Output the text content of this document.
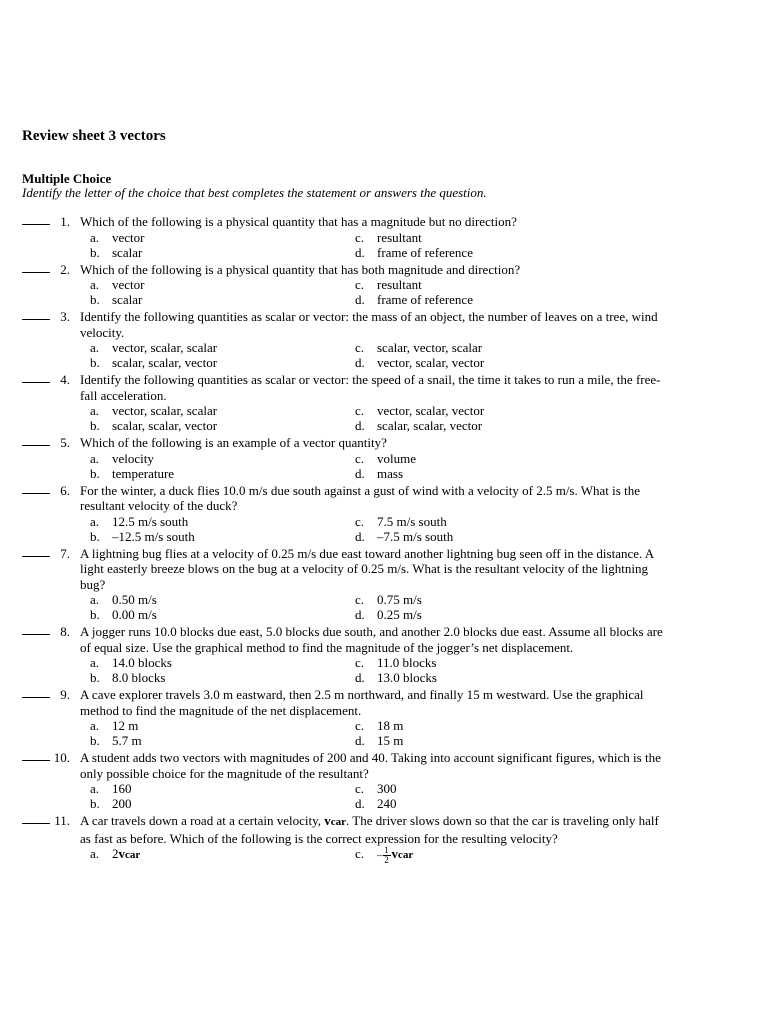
Review sheet 3 vectors
Multiple Choice
Identify the letter of the choice that best completes the statement or answers the question.
1. Which of the following is a physical quantity that has a magnitude but no direction?
a. vector	c. resultant
b. scalar	d. frame of reference
2. Which of the following is a physical quantity that has both magnitude and direction?
a. vector	c. resultant
b. scalar	d. frame of reference
3. Identify the following quantities as scalar or vector: the mass of an object, the number of leaves on a tree, wind velocity.
a. vector, scalar, scalar	c. scalar, vector, scalar
b. scalar, scalar, vector	d. vector, scalar, vector
4. Identify the following quantities as scalar or vector: the speed of a snail, the time it takes to run a mile, the free-fall acceleration.
a. vector, scalar, scalar	c. vector, scalar, vector
b. scalar, scalar, vector	d. scalar, scalar, vector
5. Which of the following is an example of a vector quantity?
a. velocity	c. volume
b. temperature	d. mass
6. For the winter, a duck flies 10.0 m/s due south against a gust of wind with a velocity of 2.5 m/s. What is the resultant velocity of the duck?
a. 12.5 m/s south	c. 7.5 m/s south
b. –12.5 m/s south	d. –7.5 m/s south
7. A lightning bug flies at a velocity of 0.25 m/s due east toward another lightning bug seen off in the distance. A light easterly breeze blows on the bug at a velocity of 0.25 m/s. What is the resultant velocity of the lightning bug?
a. 0.50 m/s	c. 0.75 m/s
b. 0.00 m/s	d. 0.25 m/s
8. A jogger runs 10.0 blocks due east, 5.0 blocks due south, and another 2.0 blocks due east. Assume all blocks are of equal size. Use the graphical method to find the magnitude of the jogger’s net displacement.
a. 14.0 blocks	c. 11.0 blocks
b. 8.0 blocks	d. 13.0 blocks
9. A cave explorer travels 3.0 m eastward, then 2.5 m northward, and finally 15 m westward. Use the graphical method to find the magnitude of the net displacement.
a. 12 m	c. 18 m
b. 5.7 m	d. 15 m
10. A student adds two vectors with magnitudes of 200 and 40. Taking into account significant figures, which is the only possible choice for the magnitude of the resultant?
a. 160	c. 300
b. 200	d. 240
11. A car travels down a road at a certain velocity, vcar. The driver slows down so that the car is traveling only half as fast as before. Which of the following is the correct expression for the resulting velocity?
a. 2vcar	c.	– $\frac{1}{2}$ vcar
